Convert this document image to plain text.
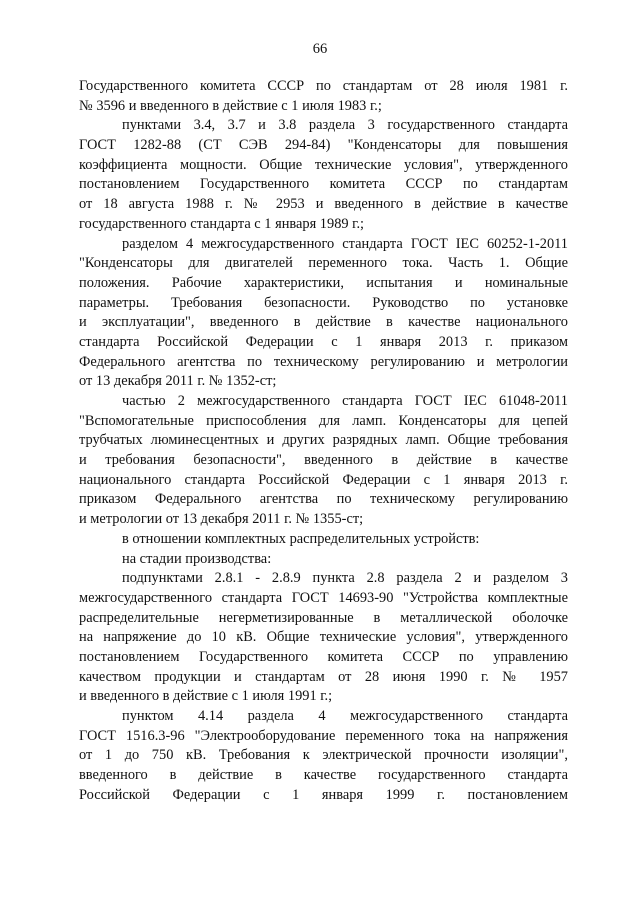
66
Государственного комитета СССР по стандартам от 28 июля 1981 г.
№ 3596 и введенного в действие с 1 июля 1983 г.;
пунктами 3.4, 3.7 и 3.8 раздела 3 государственного стандарта
ГОСТ 1282-88 (СТ СЭВ 294-84) "Конденсаторы для повышения
коэффициента мощности. Общие технические условия", утвержденного
постановлением Государственного комитета СССР по стандартам
от 18 августа 1988 г. № 2953 и введенного в действие в качестве
государственного стандарта с 1 января 1989 г.;
разделом 4 межгосударственного стандарта ГОСТ IEC 60252-1-2011
"Конденсаторы для двигателей переменного тока. Часть 1. Общие
положения. Рабочие характеристики, испытания и номинальные
параметры. Требования безопасности. Руководство по установке
и эксплуатации", введенного в действие в качестве национального
стандарта Российской Федерации с 1 января 2013 г. приказом
Федерального агентства по техническому регулированию и метрологии
от 13 декабря 2011 г. № 1352-ст;
частью 2 межгосударственного стандарта ГОСТ IEC 61048-2011
"Вспомогательные приспособления для ламп. Конденсаторы для цепей
трубчатых люминесцентных и других разрядных ламп. Общие требования
и требования безопасности", введенного в действие в качестве
национального стандарта Российской Федерации с 1 января 2013 г.
приказом Федерального агентства по техническому регулированию
и метрологии от 13 декабря 2011 г. № 1355-ст;
в отношении комплектных распределительных устройств:
на стадии производства:
подпунктами 2.8.1 - 2.8.9 пункта 2.8 раздела 2 и разделом 3
межгосударственного стандарта ГОСТ 14693-90 "Устройства комплектные
распределительные негерметизированные в металлической оболочке
на напряжение до 10 кВ. Общие технические условия", утвержденного
постановлением Государственного комитета СССР по управлению
качеством продукции и стандартам от 28 июня 1990 г. № 1957
и введенного в действие с 1 июля 1991 г.;
пунктом 4.14 раздела 4 межгосударственного стандарта
ГОСТ 1516.3-96 "Электрооборудование переменного тока на напряжения
от 1 до 750 кВ. Требования к электрической прочности изоляции",
введенного в действие в качестве государственного стандарта
Российской Федерации с 1 января 1999 г. постановлением
